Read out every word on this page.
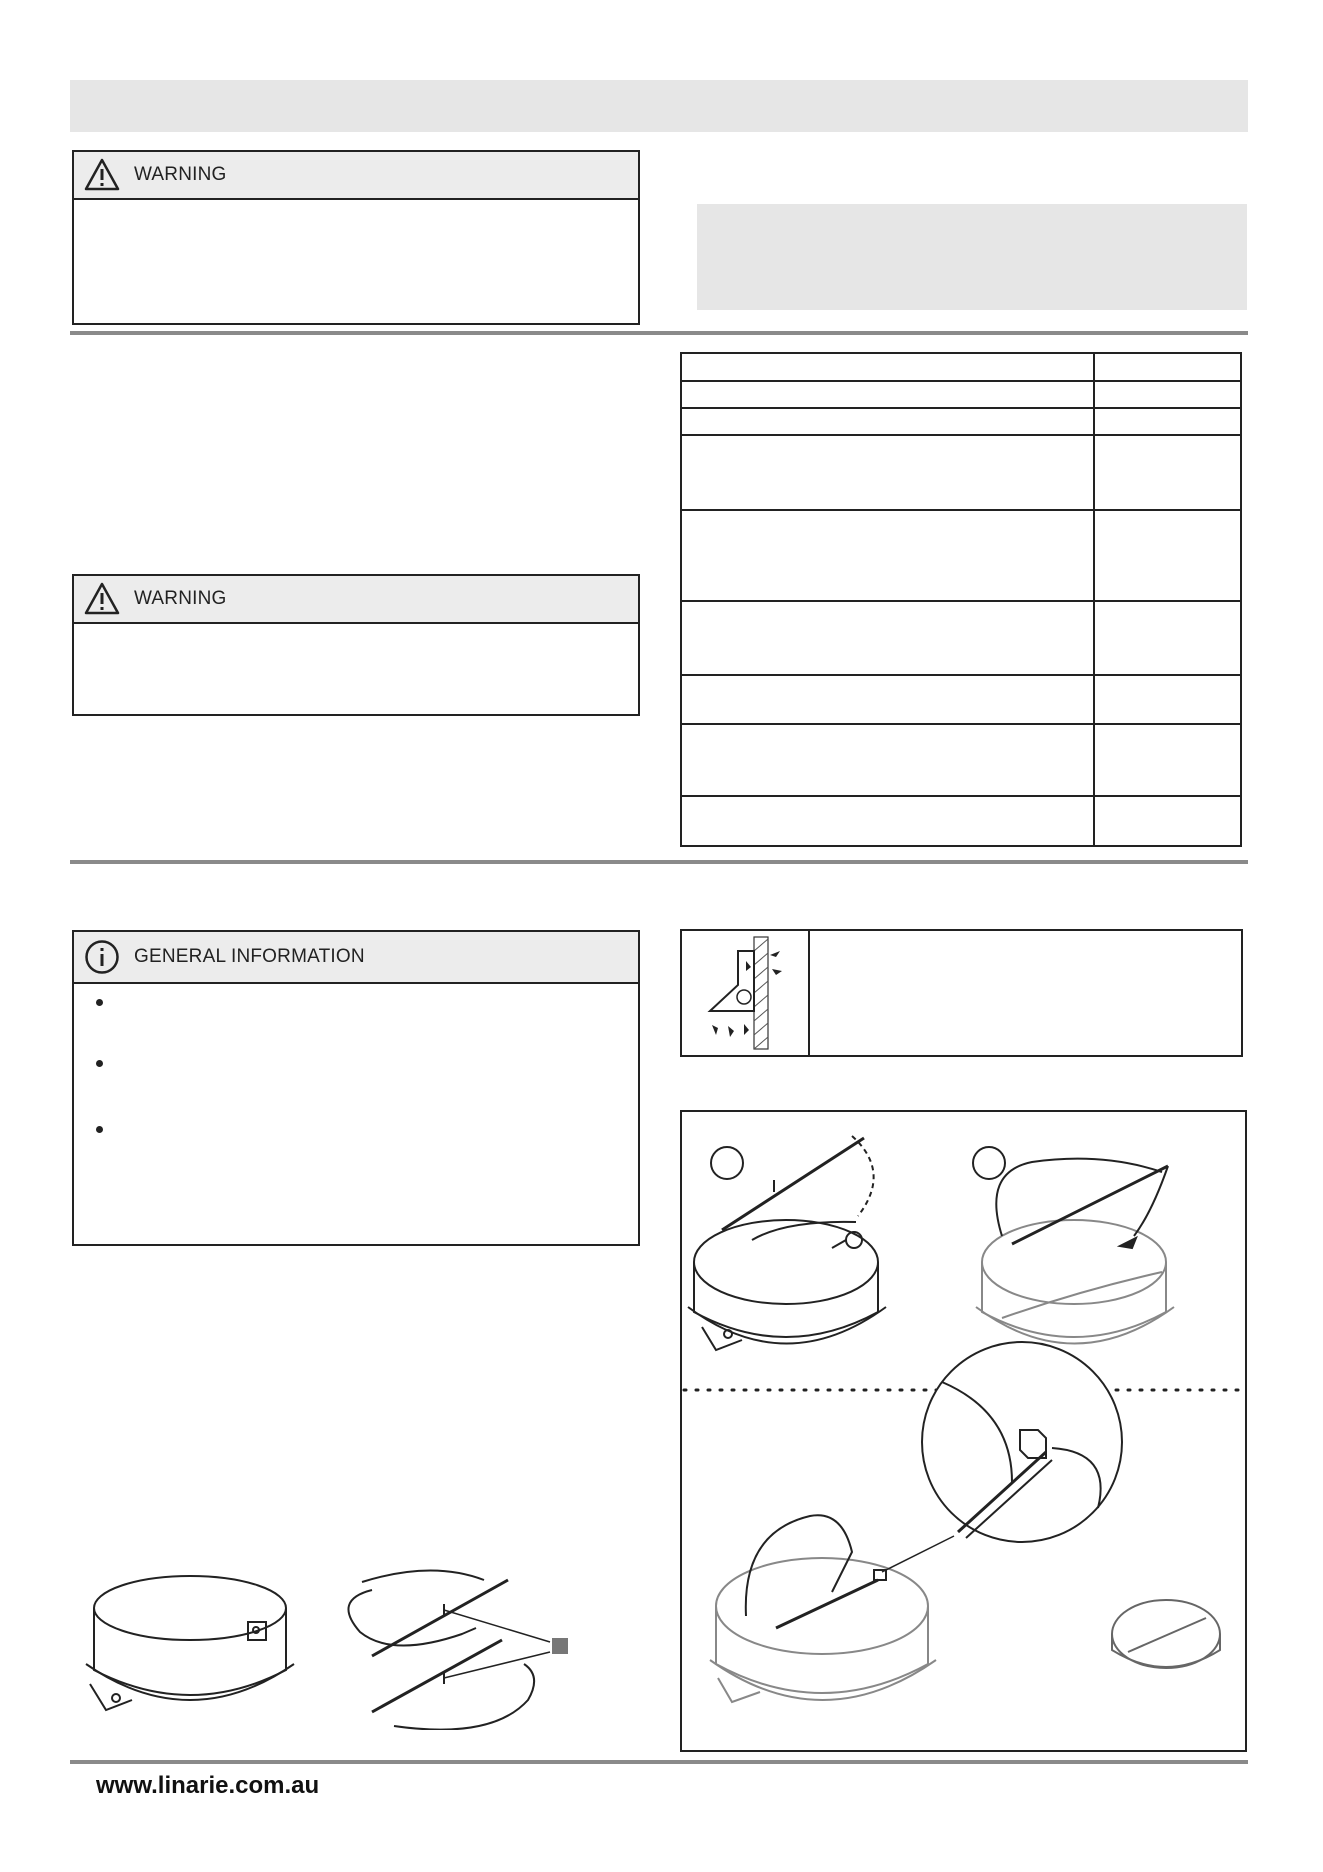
WARNING
WARNING
GENERAL INFORMATION
www.linarie.com.au
